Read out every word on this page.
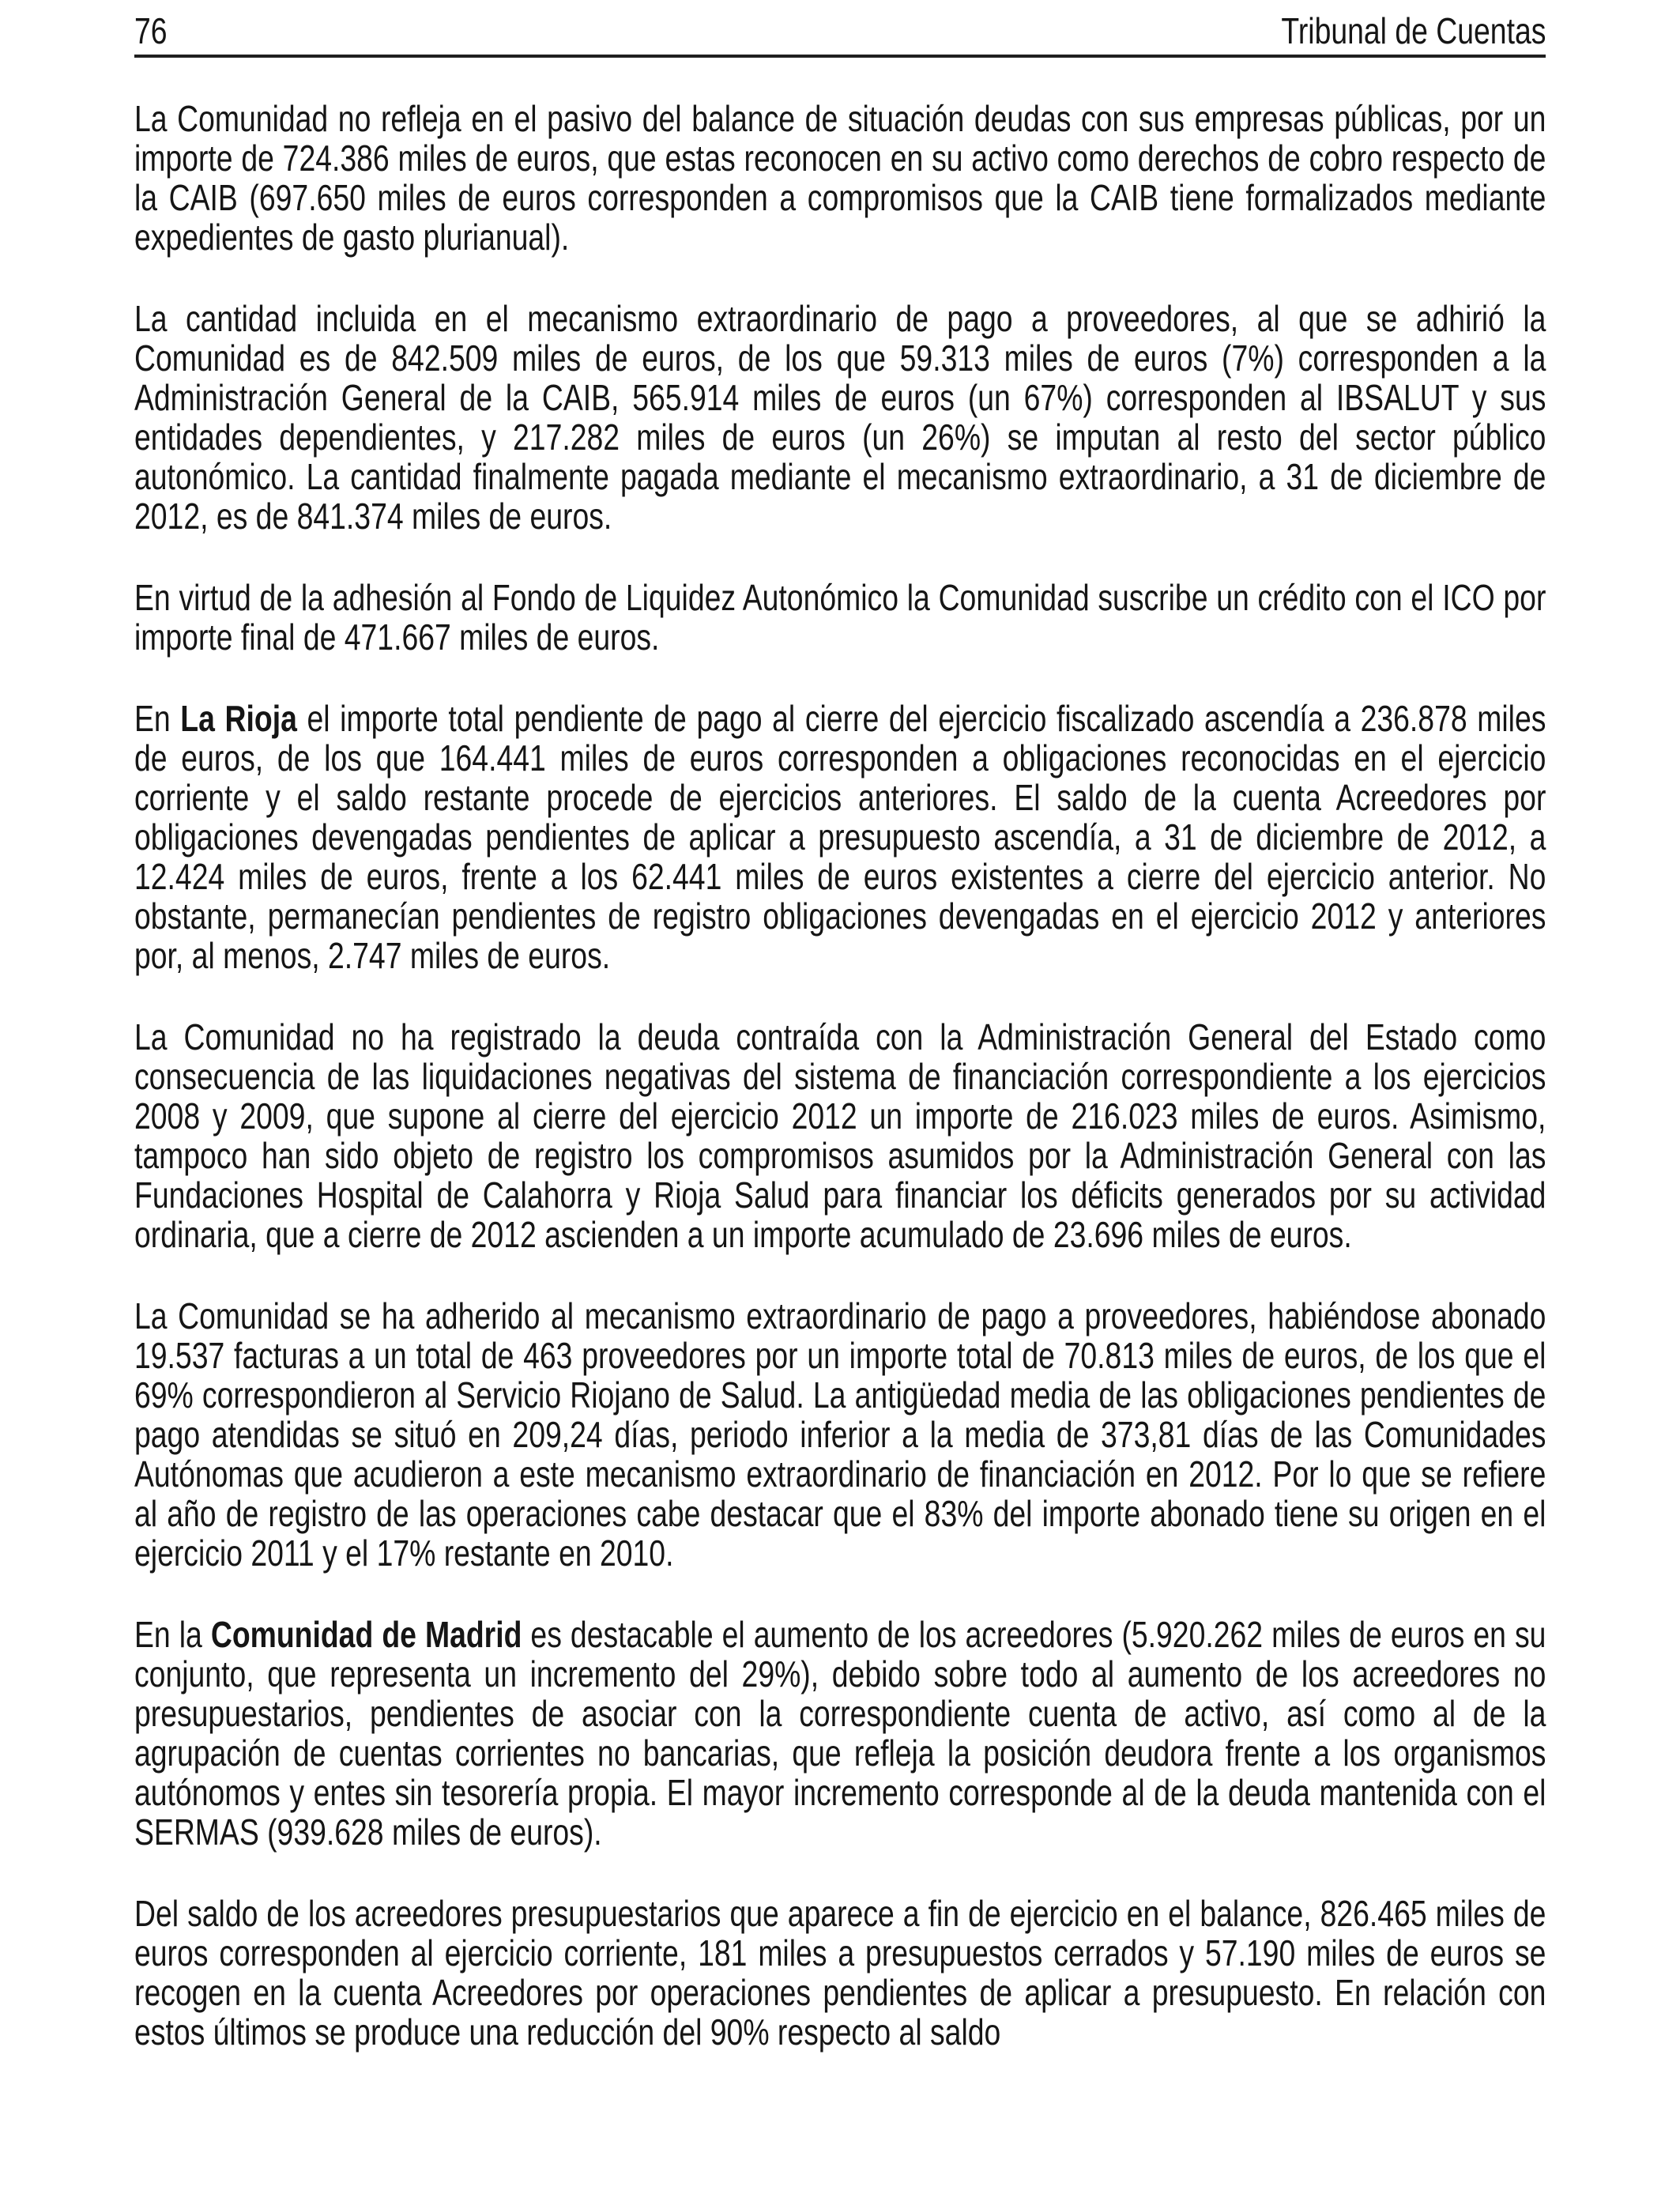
76	Tribunal de Cuentas

La Comunidad no refleja en el pasivo del balance de situación deudas con sus empresas públicas, por un importe de 724.386 miles de euros, que estas reconocen en su activo como derechos de cobro respecto de la CAIB (697.650 miles de euros corresponden a compromisos que la CAIB tiene formalizados mediante expedientes de gasto plurianual).

La cantidad incluida en el mecanismo extraordinario de pago a proveedores, al que se adhirió la Comunidad es de 842.509 miles de euros, de los que 59.313 miles de euros (7%) corresponden a la Administración General de la CAIB, 565.914 miles de euros (un 67%) corresponden al IBSALUT y sus entidades dependientes, y 217.282 miles de euros (un 26%) se imputan al resto del sector público autonómico. La cantidad finalmente pagada mediante el mecanismo extraordinario, a 31 de diciembre de 2012, es de 841.374 miles de euros.

En virtud de la adhesión al Fondo de Liquidez Autonómico la Comunidad suscribe un crédito con el ICO por importe final de 471.667 miles de euros.

En La Rioja el importe total pendiente de pago al cierre del ejercicio fiscalizado ascendía a 236.878 miles de euros, de los que 164.441 miles de euros corresponden a obligaciones reconocidas en el ejercicio corriente y el saldo restante procede de ejercicios anteriores. El saldo de la cuenta Acreedores por obligaciones devengadas pendientes de aplicar a presupuesto ascendía, a 31 de diciembre de 2012, a 12.424 miles de euros, frente a los 62.441 miles de euros existentes a cierre del ejercicio anterior. No obstante, permanecían pendientes de registro obligaciones devengadas en el ejercicio 2012 y anteriores por, al menos, 2.747 miles de euros.

La Comunidad no ha registrado la deuda contraída con la Administración General del Estado como consecuencia de las liquidaciones negativas del sistema de financiación correspondiente a los ejercicios 2008 y 2009, que supone al cierre del ejercicio 2012 un importe de 216.023 miles de euros. Asimismo, tampoco han sido objeto de registro los compromisos asumidos por la Administración General con las Fundaciones Hospital de Calahorra y Rioja Salud para financiar los déficits generados por su actividad ordinaria, que a cierre de 2012 ascienden a un importe acumulado de 23.696 miles de euros.

La Comunidad se ha adherido al mecanismo extraordinario de pago a proveedores, habiéndose abonado 19.537 facturas a un total de 463 proveedores por un importe total de 70.813 miles de euros, de los que el 69% correspondieron al Servicio Riojano de Salud. La antigüedad media de las obligaciones pendientes de pago atendidas se situó en 209,24 días, periodo inferior a la media de 373,81 días de las Comunidades Autónomas que acudieron a este mecanismo extraordinario de financiación en 2012. Por lo que se refiere al año de registro de las operaciones cabe destacar que el 83% del importe abonado tiene su origen en el ejercicio 2011 y el 17% restante en 2010.

En la Comunidad de Madrid es destacable el aumento de los acreedores (5.920.262 miles de euros en su conjunto, que representa un incremento del 29%), debido sobre todo al aumento de los acreedores no presupuestarios, pendientes de asociar con la correspondiente cuenta de activo, así como al de la agrupación de cuentas corrientes no bancarias, que refleja la posición deudora frente a los organismos autónomos y entes sin tesorería propia. El mayor incremento corresponde al de la deuda mantenida con el SERMAS (939.628 miles de euros).

Del saldo de los acreedores presupuestarios que aparece a fin de ejercicio en el balance, 826.465 miles de euros corresponden al ejercicio corriente, 181 miles a presupuestos cerrados y 57.190 miles de euros se recogen en la cuenta Acreedores por operaciones pendientes de aplicar a presupuesto. En relación con estos últimos se produce una reducción del 90% respecto al saldo
